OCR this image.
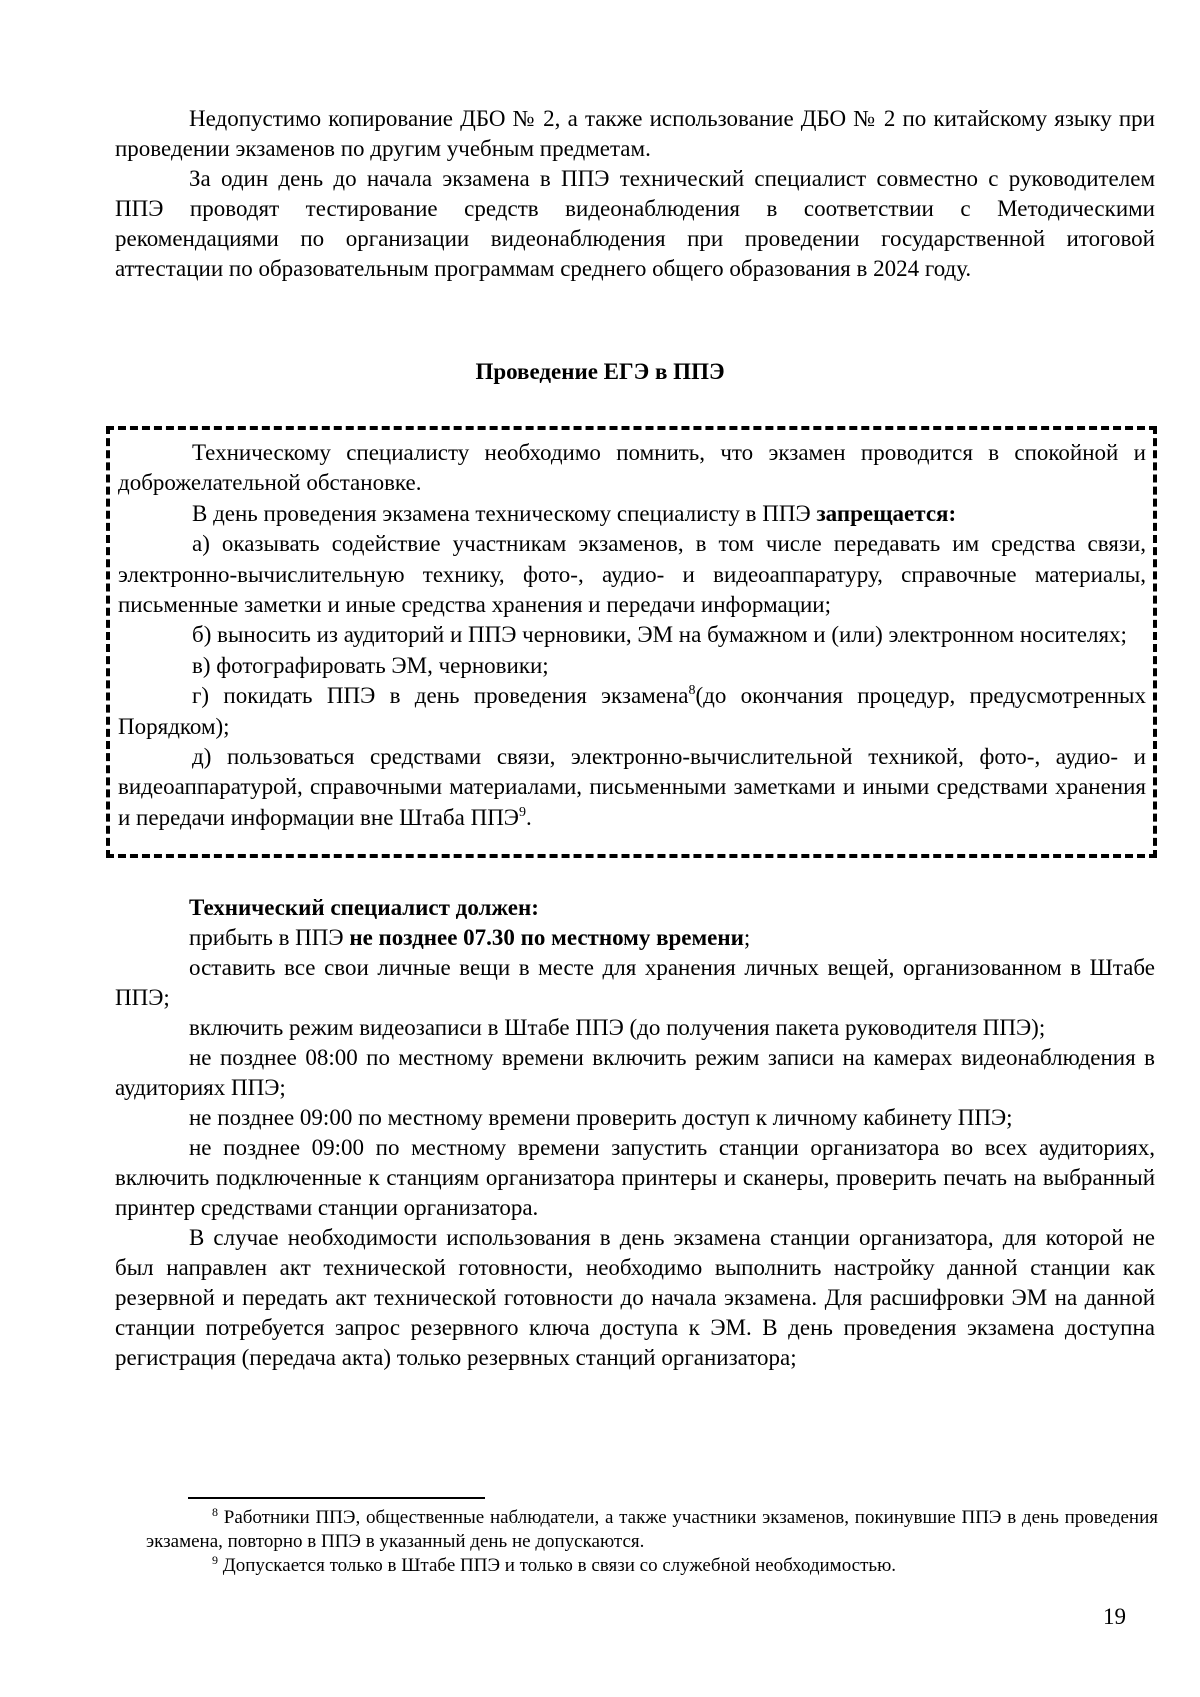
Недопустимо копирование ДБО № 2, а также использование ДБО № 2 по китайскому языку при проведении экзаменов по другим учебным предметам.

За один день до начала экзамена в ППЭ технический специалист совместно с руководителем ППЭ проводят тестирование средств видеонаблюдения в соответствии с Методическими рекомендациями по организации видеонаблюдения при проведении государственной итоговой аттестации по образовательным программам среднего общего образования в 2024 году.

Проведение ЕГЭ в ППЭ

Техническому специалисту необходимо помнить, что экзамен проводится в спокойной и доброжелательной обстановке.

В день проведения экзамена техническому специалисту в ППЭ запрещается:

а) оказывать содействие участникам экзаменов, в том числе передавать им средства связи, электронно-вычислительную технику, фото-, аудио- и видеоаппаратуру, справочные материалы, письменные заметки и иные средства хранения и передачи информации;

б) выносить из аудиторий и ППЭ черновики, ЭМ на бумажном и (или) электронном носителях;

в) фотографировать ЭМ, черновики;

г) покидать ППЭ в день проведения экзамена$^8$(до окончания процедур, предусмотренных Порядком);

д) пользоваться средствами связи, электронно-вычислительной техникой, фото-, аудио- и видеоаппаратурой, справочными материалами, письменными заметками и иными средствами хранения и передачи информации вне Штаба ППЭ$^9$.

Технический специалист должен:

прибыть в ППЭ не позднее 07.30 по местному времени;

оставить все свои личные вещи в месте для хранения личных вещей, организованном в Штабе ППЭ;

включить режим видеозаписи в Штабе ППЭ (до получения пакета руководителя ППЭ);

не позднее 08:00 по местному времени включить режим записи на камерах видеонаблюдения в аудиториях ППЭ;

не позднее 09:00 по местному времени проверить доступ к личному кабинету ППЭ;

не позднее 09:00 по местному времени запустить станции организатора во всех аудиториях, включить подключенные к станциям организатора принтеры и сканеры, проверить печать на выбранный принтер средствами станции организатора.

В случае необходимости использования в день экзамена станции организатора, для которой не был направлен акт технической готовности, необходимо выполнить настройку данной станции как резервной и передать акт технической готовности до начала экзамена. Для расшифровки ЭМ на данной станции потребуется запрос резервного ключа доступа к ЭМ. В день проведения экзамена доступна регистрация (передача акта) только резервных станций организатора;

$^8$ Работники ППЭ, общественные наблюдатели, а также участники экзаменов, покинувшие ППЭ в день проведения экзамена, повторно в ППЭ в указанный день не допускаются.

$^9$ Допускается только в Штабе ППЭ и только в связи со служебной необходимостью.

19
